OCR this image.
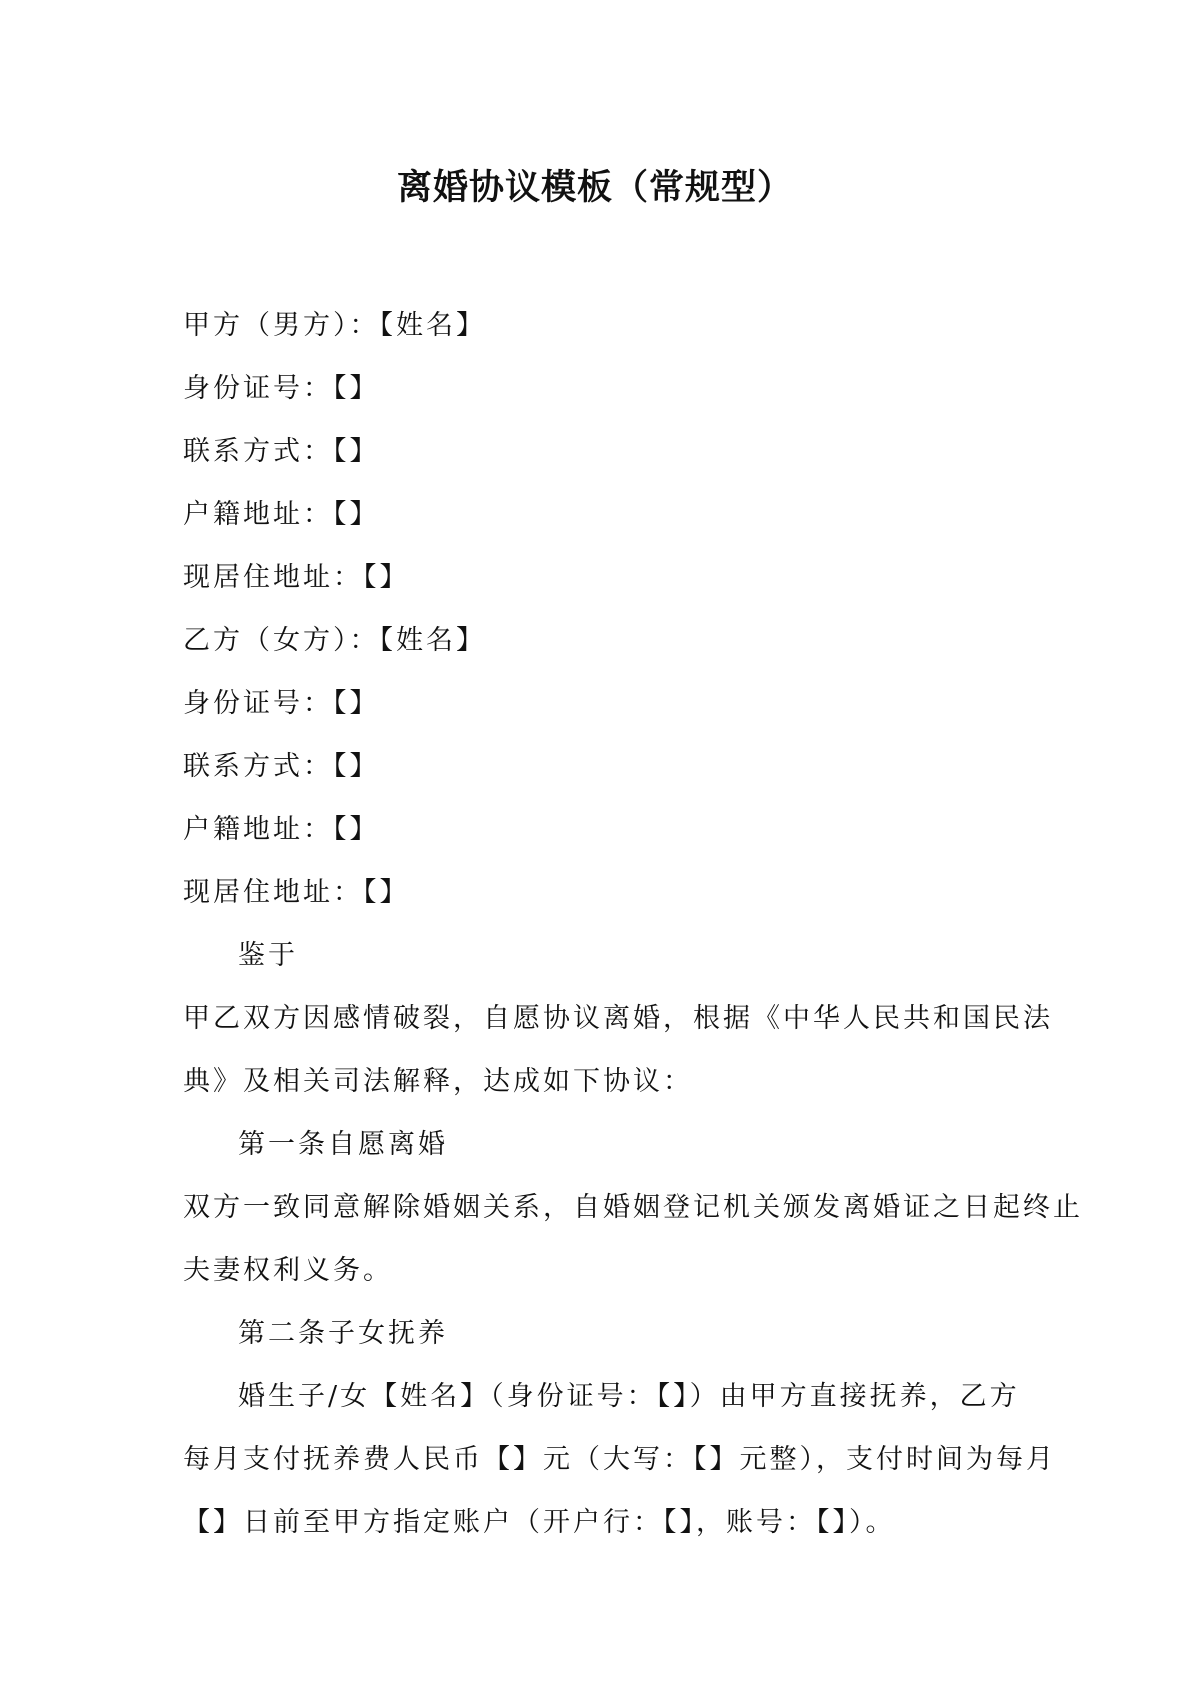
离婚协议模板（常规型）
甲方（男方）：【姓名】
身份证号：【】
联系方式：【】
户籍地址：【】
现居住地址：【】
乙方（女方）：【姓名】
身份证号：【】
联系方式：【】
户籍地址：【】
现居住地址：【】
鉴于
甲乙双方因感情破裂，自愿协议离婚，根据《中华人民共和国民法
典》及相关司法解释，达成如下协议：
第一条自愿离婚
双方一致同意解除婚姻关系，自婚姻登记机关颁发离婚证之日起终止
夫妻权利义务。
第二条子女抚养
婚生子/女【姓名】（身份证号：【】）由甲方直接抚养，乙方
每月支付抚养费人民币【】元（大写：【】元整），支付时间为每月
【】日前至甲方指定账户（开户行：【】，账号：【】）。
